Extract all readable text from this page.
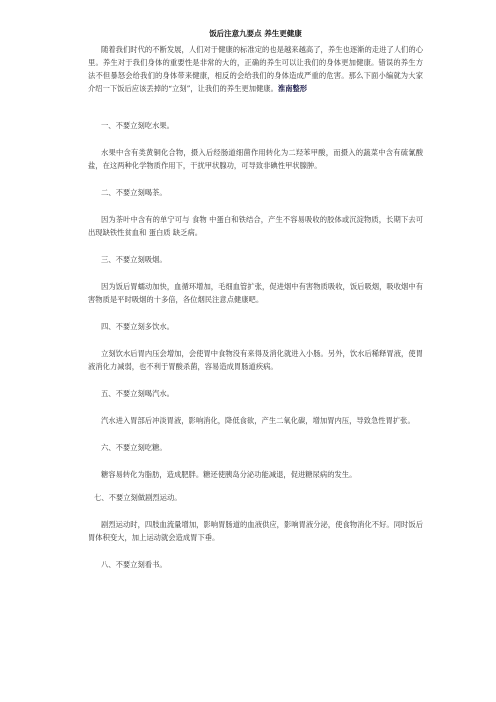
饭后注意九要点 养生更健康

随着我们时代的不断发展，人们对于健康的标准定的也是越来越高了，养生也逐渐的走进了人们的心里。养生对于我们身体的重要性是非常的大的，正确的养生可以让我们的身体更加健康。错误的养生方法不但暴怒会给我们的身体带来健康，相反的会给我们的身体造成严重的危害。那么下面小编就为大家介绍一下饭后应该丢掉的“立刻”，让我们的养生更加健康。淮南整形

一、不要立刻吃水果。

水果中含有类黄铜化合物，摄入后经肠道细菌作用转化为二羟苯甲酸，而摄入的蔬菜中含有硫氰酸盐，在这两种化学物质作用下，干扰甲状腺功，可导致非碘性甲状腺肿。

二、不要立刻喝茶。

因为茶叶中含有的单宁可与 食物 中蛋白和铁结合，产生不容易吸收的胶体或沉淀物质，长期下去可出现缺铁性贫血和 蛋白质 缺乏病。

三、不要立刻吸烟。

因为饭后胃蠕动加快，血循环增加，毛细血管扩张，促进烟中有害物质吸收，饭后吸烟，吸收烟中有害物质是平时吸烟的十多倍，各位烟民注意点健康吧。

四、不要立刻多饮水。

立刻饮水后胃内压会增加，会使胃中食物没有来得及消化就进入小肠。另外，饮水后稀释胃液，使胃液消化力减弱，也不利于胃酸杀菌，容易造成胃肠道疾病。

五、不要立刻喝汽水。

汽水进入胃部后冲淡胃液，影响消化，降低食欲，产生二氧化碳，增加胃内压，导致急性胃扩张。

六、不要立刻吃糖。

糖容易转化为脂肪，造成肥胖。糖还使胰岛分泌功能减退，促进糖尿病的发生。

七、不要立刻做剧烈运动。

剧烈运动时，四肢血流量增加，影响胃肠道的血液供应，影响胃液分泌，使食物消化不好。同时饭后胃体积变大，加上运动就会造成胃下垂。

八、不要立刻看书。
